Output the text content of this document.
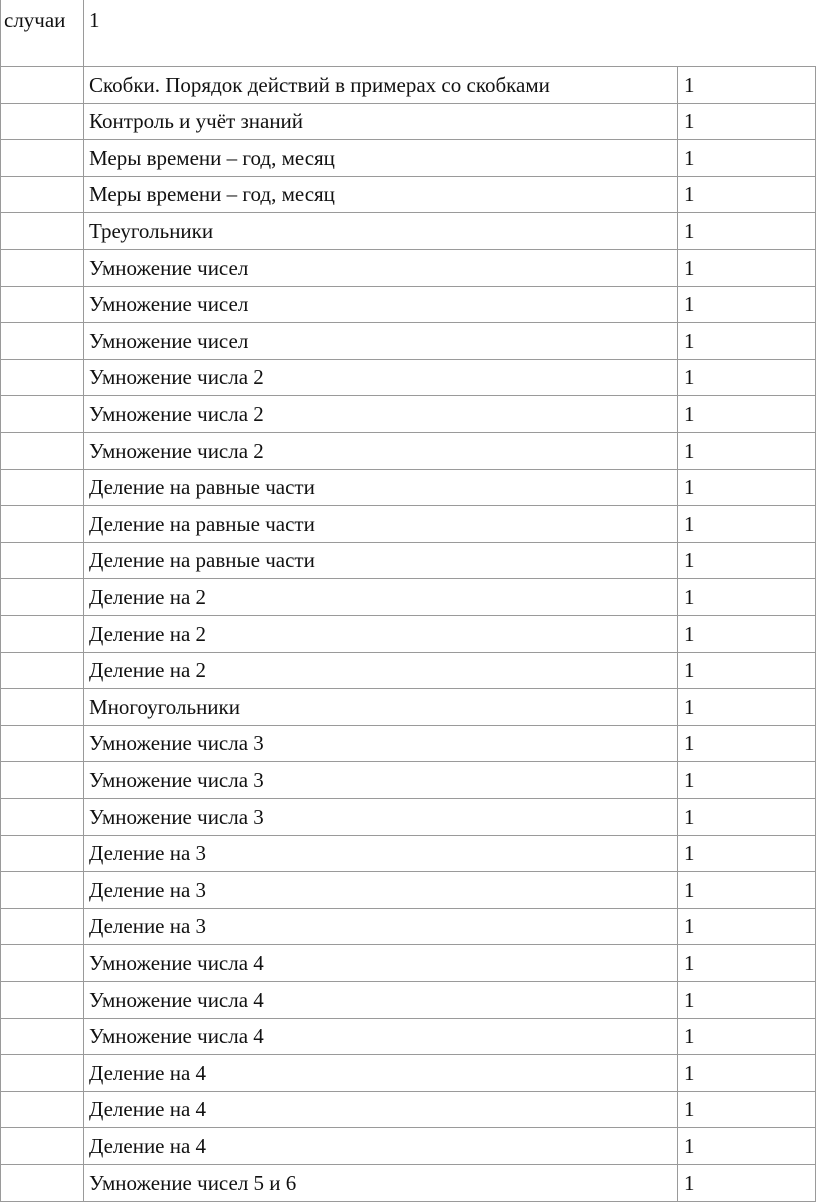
случаи 1
Скобки. Порядок действий в примерах со скобками	1
Контроль и учёт знаний	1
Меры времени – год, месяц	1
Меры времени – год, месяц	1
Треугольники	1
Умножение чисел	1
Умножение чисел	1
Умножение чисел	1
Умножение числа 2	1
Умножение числа 2	1
Умножение числа 2	1
Деление на равные части	1
Деление на равные части	1
Деление на равные части	1
Деление на 2	1
Деление на 2	1
Деление на 2	1
Многоугольники	1
Умножение числа 3	1
Умножение числа 3	1
Умножение числа 3	1
Деление на 3	1
Деление на 3	1
Деление на 3	1
Умножение числа 4	1
Умножение числа 4	1
Умножение числа 4	1
Деление на 4	1
Деление на 4	1
Деление на 4	1
Умножение чисел 5 и 6	1
